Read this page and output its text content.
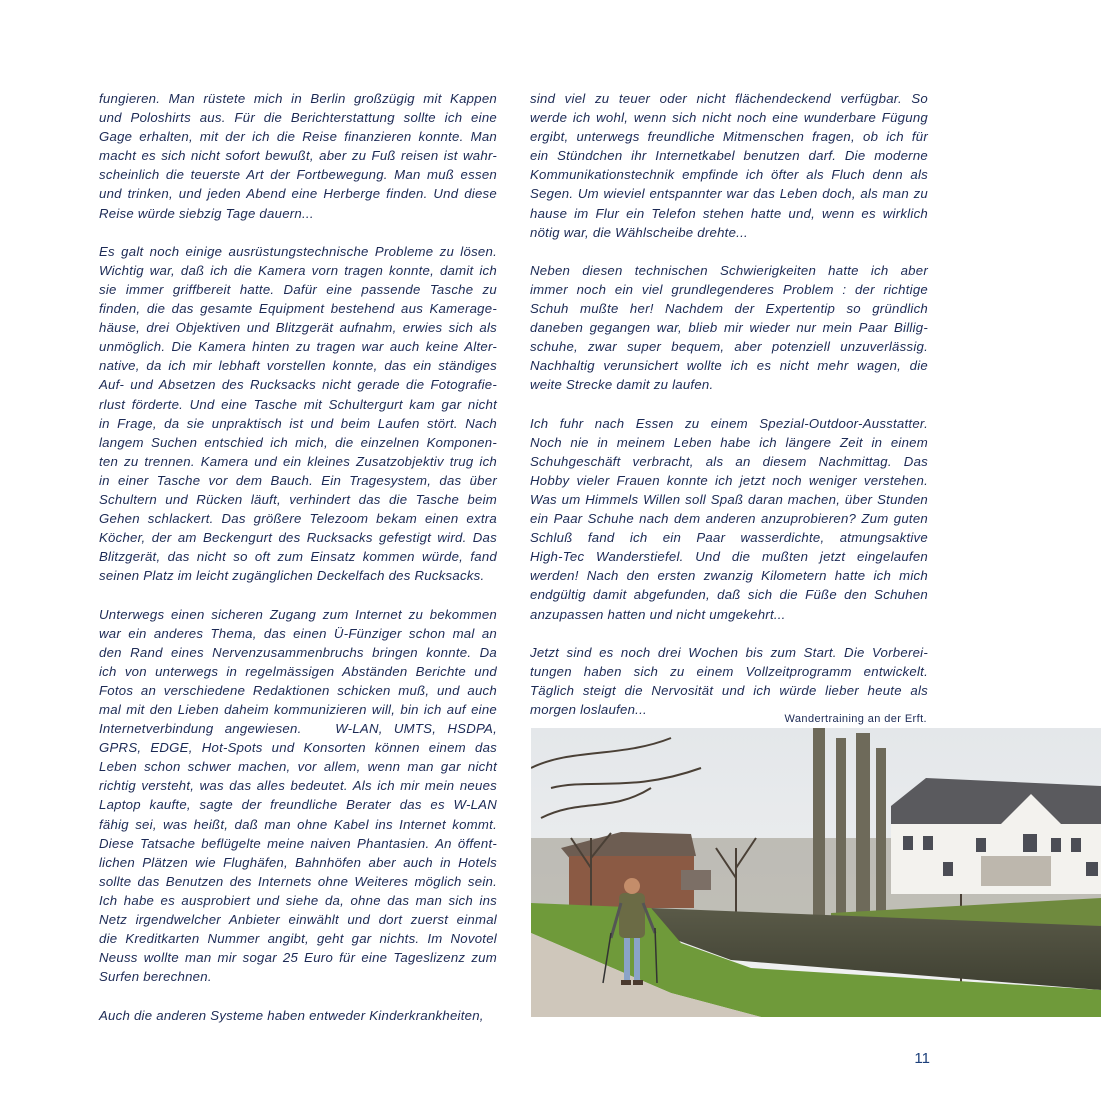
fungieren. Man rüstete mich in Berlin großzügig mit Kappen
und Poloshirts aus. Für die Berichterstattung sollte ich eine
Gage erhalten, mit der ich die Reise finanzieren konnte. Man
macht es sich nicht sofort bewußt, aber zu Fuß reisen ist wahr-
scheinlich die teuerste Art der Fortbewegung. Man muß essen
und trinken, und jeden Abend eine Herberge finden. Und diese
Reise würde siebzig Tage dauern...

Es galt noch einige ausrüstungstechnische Probleme zu lösen.
Wichtig war, daß ich die Kamera vorn tragen konnte, damit ich
sie immer griffbereit hatte. Dafür eine passende Tasche zu
finden, die das gesamte Equipment bestehend aus Kamerage-
häuse, drei Objektiven und Blitzgerät aufnahm, erwies sich als
unmöglich. Die Kamera hinten zu tragen war auch keine Alter-
native, da ich mir lebhaft vorstellen konnte, das ein ständiges
Auf- und Absetzen des Rucksacks nicht gerade die Fotografie-
rlust förderte. Und eine Tasche mit Schultergurt kam gar nicht
in Frage, da sie unpraktisch ist und beim Laufen stört. Nach
langem Suchen entschied ich mich, die einzelnen Komponen-
ten zu trennen. Kamera und ein kleines Zusatzobjektiv trug ich
in einer Tasche vor dem Bauch. Ein Tragesystem, das über
Schultern und Rücken läuft, verhindert das die Tasche beim
Gehen schlackert. Das größere Telezoom bekam einen extra
Köcher, der am Beckengurt des Rucksacks gefestigt wird. Das
Blitzgerät, das nicht so oft zum Einsatz kommen würde, fand
seinen Platz im leicht zugänglichen Deckelfach des Rucksacks.

Unterwegs einen sicheren Zugang zum Internet zu bekommen
war ein anderes Thema, das einen Ü-Fünziger schon mal an
den Rand eines Nervenzusammenbruchs bringen konnte. Da
ich von unterwegs in regelmässigen Abständen Berichte und
Fotos an verschiedene Redaktionen schicken muß, und auch
mal mit den Lieben daheim kommunizieren will, bin ich auf eine
Internetverbindung angewiesen.   W-LAN, UMTS, HSDPA,
GPRS, EDGE, Hot-Spots und Konsorten können einem das
Leben schon schwer machen, vor allem, wenn man gar nicht
richtig versteht, was das alles bedeutet. Als ich mir mein neues
Laptop kaufte, sagte der freundliche Berater das es W-LAN
fähig sei, was heißt, daß man ohne Kabel ins Internet kommt.
Diese Tatsache beflügelte meine naiven Phantasien. An öffent-
lichen Plätzen wie Flughäfen, Bahnhöfen aber auch in Hotels
sollte das Benutzen des Internets ohne Weiteres möglich sein.
Ich habe es ausprobiert und siehe da, ohne das man sich ins
Netz irgendwelcher Anbieter einwählt und dort zuerst einmal
die Kreditkarten Nummer angibt, geht gar nichts. Im Novotel
Neuss wollte man mir sogar 25 Euro für eine Tageslizenz zum
Surfen berechnen.

Auch die anderen Systeme haben entweder Kinderkrankheiten,

sind viel zu teuer oder nicht flächendeckend verfügbar. So
werde ich wohl, wenn sich nicht noch eine wunderbare Fügung
ergibt, unterwegs freundliche Mitmenschen fragen, ob ich für
ein Stündchen ihr Internetkabel benutzen darf. Die moderne
Kommunikationstechnik empfinde ich öfter als Fluch denn als
Segen. Um wieviel entspannter war das Leben doch, als man zu
hause im Flur ein Telefon stehen hatte und, wenn es wirklich
nötig war, die Wählscheibe drehte...

Neben diesen technischen Schwierigkeiten hatte ich aber
immer noch ein viel grundlegenderes Problem : der richtige
Schuh mußte her! Nachdem der Expertentip so gründlich
daneben gegangen war, blieb mir wieder nur mein Paar Billig-
schuhe, zwar super bequem, aber potenziell unzuverlässig.
Nachhaltig verunsichert wollte ich es nicht mehr wagen, die
weite Strecke damit zu laufen.

Ich fuhr nach Essen zu einem Spezial-Outdoor-Ausstatter.
Noch nie in meinem Leben habe ich längere Zeit in einem
Schuhgeschäft verbracht, als an diesem Nachmittag. Das
Hobby vieler Frauen konnte ich jetzt noch weniger verstehen.
Was um Himmels Willen soll Spaß daran machen, über Stunden
ein Paar Schuhe nach dem anderen anzuprobieren? Zum guten
Schluß fand ich ein Paar wasserdichte, atmungsaktive
High-Tec Wanderstiefel. Und die mußten jetzt eingelaufen
werden! Nach den ersten zwanzig Kilometern hatte ich mich
endgültig damit abgefunden, daß sich die Füße den Schuhen
anzupassen hatten und nicht umgekehrt...

Jetzt sind es noch drei Wochen bis zum Start. Die Vorberei-
tungen haben sich zu einem Vollzeitprogramm entwickelt.
Täglich steigt die Nervosität und ich würde lieber heute als
morgen loslaufen...

Wandertraining an der Erft.
11
